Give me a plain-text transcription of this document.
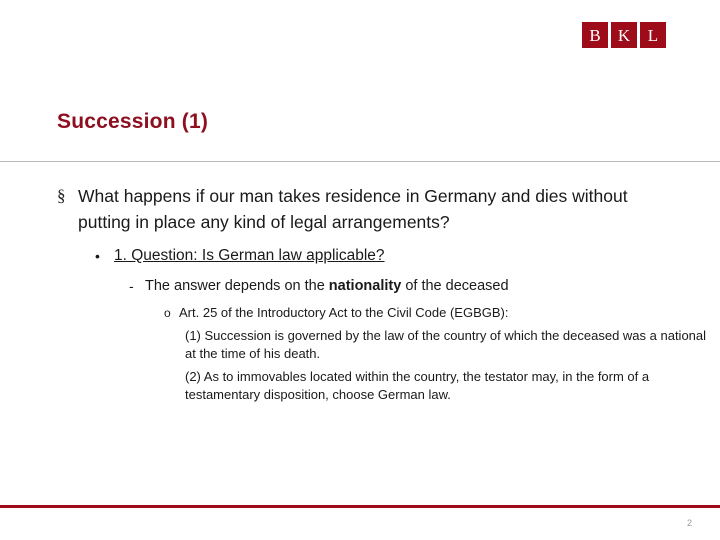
B	K	L
Succession (1)
§ What happens if our man takes residence in Germany and dies without putting in place any kind of legal arrangements?
• 1. Question: Is German law applicable?
- The answer depends on the nationality of the deceased
o Art. 25 of the Introductory Act to the Civil Code (EGBGB):
(1) Succession is governed by the law of the country of which the deceased was a national at the time of his death.
(2) As to immovables located within the country, the testator may, in the form of a testamentary disposition, choose German law.
2
